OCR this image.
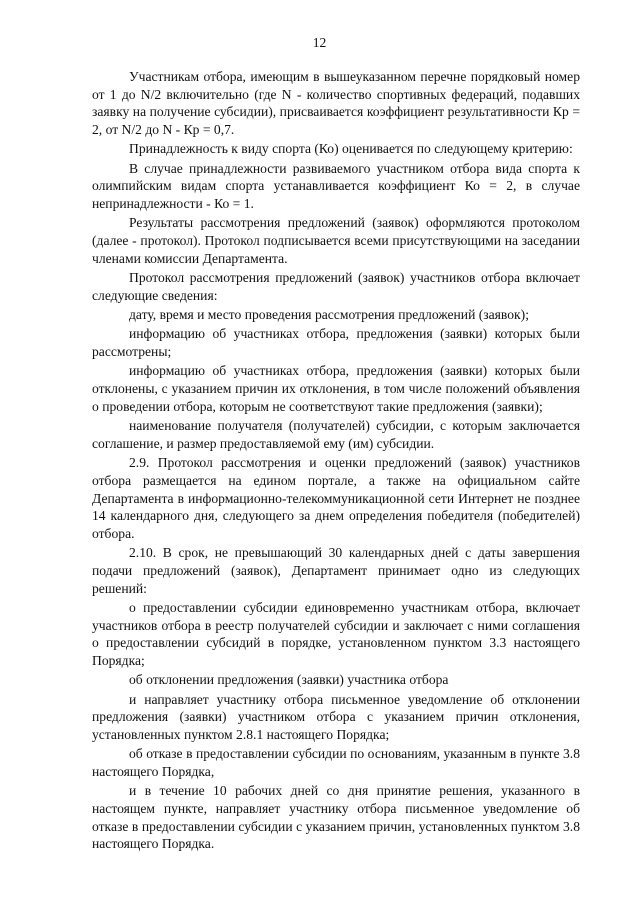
12

Участникам отбора, имеющим в вышеуказанном перечне порядковый номер от 1 до N/2 включительно (где N - количество спортивных федераций, подавших заявку на получение субсидии), присваивается коэффициент результативности Кр = 2, от N/2 до N - Кр = 0,7.

Принадлежность к виду спорта (Ко) оценивается по следующему критерию:

В случае принадлежности развиваемого участником отбора вида спорта к олимпийским видам спорта устанавливается коэффициент Ко = 2, в случае непринадлежности - Ко = 1.

Результаты рассмотрения предложений (заявок) оформляются протоколом (далее - протокол). Протокол подписывается всеми присутствующими на заседании членами комиссии Департамента.

Протокол рассмотрения предложений (заявок) участников отбора включает следующие сведения:

дату, время и место проведения рассмотрения предложений (заявок);

информацию об участниках отбора, предложения (заявки) которых были рассмотрены;

информацию об участниках отбора, предложения (заявки) которых были отклонены, с указанием причин их отклонения, в том числе положений объявления о проведении отбора, которым не соответствуют такие предложения (заявки);

наименование получателя (получателей) субсидии, с которым заключается соглашение, и размер предоставляемой ему (им) субсидии.

2.9. Протокол рассмотрения и оценки предложений (заявок) участников отбора размещается на едином портале, а также на официальном сайте Департамента в информационно-телекоммуникационной сети Интернет не позднее 14 календарного дня, следующего за днем определения победителя (победителей) отбора.

2.10. В срок, не превышающий 30 календарных дней с даты завершения подачи предложений (заявок), Департамент принимает одно из следующих решений:

о предоставлении субсидии единовременно участникам отбора, включает участников отбора в реестр получателей субсидии и заключает с ними соглашения о предоставлении субсидий в порядке, установленном пунктом 3.3 настоящего Порядка;

об отклонении предложения (заявки) участника отбора

и направляет участнику отбора письменное уведомление об отклонении предложения (заявки) участником отбора с указанием причин отклонения, установленных пунктом 2.8.1 настоящего Порядка;

об отказе в предоставлении субсидии по основаниям, указанным в пункте 3.8 настоящего Порядка,

и в течение 10 рабочих дней со дня принятие решения, указанного в настоящем пункте, направляет участнику отбора письменное уведомление об отказе в предоставлении субсидии с указанием причин, установленных пунктом 3.8 настоящего Порядка.
